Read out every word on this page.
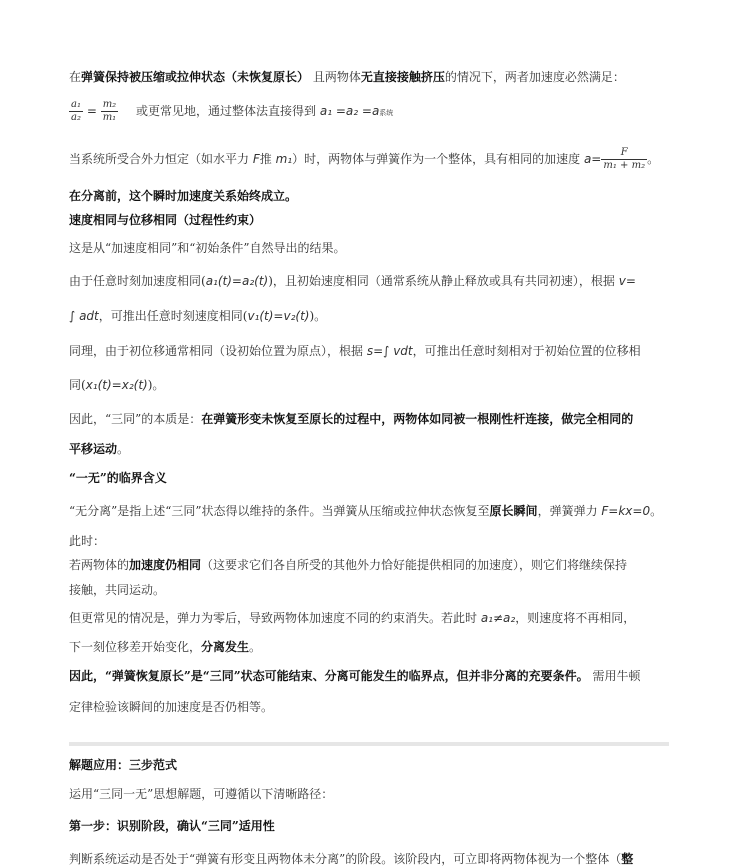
在弹簧保持被压缩或拉伸状态（未恢复原长） 且两物体无直接接触挤压的情况下，两者加速度必然满足：
$\frac{\text{a₁}}{\text{a₂}} = \frac{\text{m₂}}{\text{m₁}}$ 或更常见地，通过整体法直接得到 a₁ =a₂ =a系统
当系统所受合外力恒定（如水平力 F推 m₁）时，两物体与弹簧作为一个整体，具有相同的加速度 $a= \frac{F}{\text{m₁ + m₂}}$ 。
在分离前，这个瞬时加速度关系始终成立。
速度相同与位移相同（过程性约束）
这是从“加速度相同”和“初始条件”自然导出的结果。
由于任意时刻加速度相同(a₁(t)=a₂(t))，且初始速度相同（通常系统从静止释放或具有共同初速），根据 v=
∫ adt，可推出任意时刻速度相同(v₁(t)=v₂(t))。
同理，由于初位移通常相同（设初始位置为原点），根据 s=∫ vdt，可推出任意时刻相对于初始位置的位移相
同(x₁(t)=x₂(t))。
因此，“三同”的本质是：在弹簧形变未恢复至原长的过程中，两物体如同被一根刚性杆连接，做完全相同的
平移运动。
“一无”的临界含义
“无分离”是指上述“三同”状态得以维持的条件。当弹簧从压缩或拉伸状态恢复至原长瞬间，弹簧弹力 F=kx=0。
此时：
若两物体的加速度仍相同（这要求它们各自所受的其他外力恰好能提供相同的加速度），则它们将继续保持
接触，共同运动。
但更常见的情况是，弹力为零后，导致两物体加速度不同的约束消失。若此时 a₁≠a₂，则速度将不再相同，
下一刻位移差开始变化，分离发生。
因此，“弹簧恢复原长”是“三同”状态可能结束、分离可能发生的临界点，但并非分离的充要条件。 需用牛顿
定律检验该瞬间的加速度是否仍相等。
解题应用：三步范式
运用“三同一无”思想解题，可遵循以下清晰路径：
第一步：识别阶段，确认“三同”适用性
判断系统运动是否处于“弹簧有形变且两物体未分离”的阶段。该阶段内，可立即将两物体视为一个整体（整
